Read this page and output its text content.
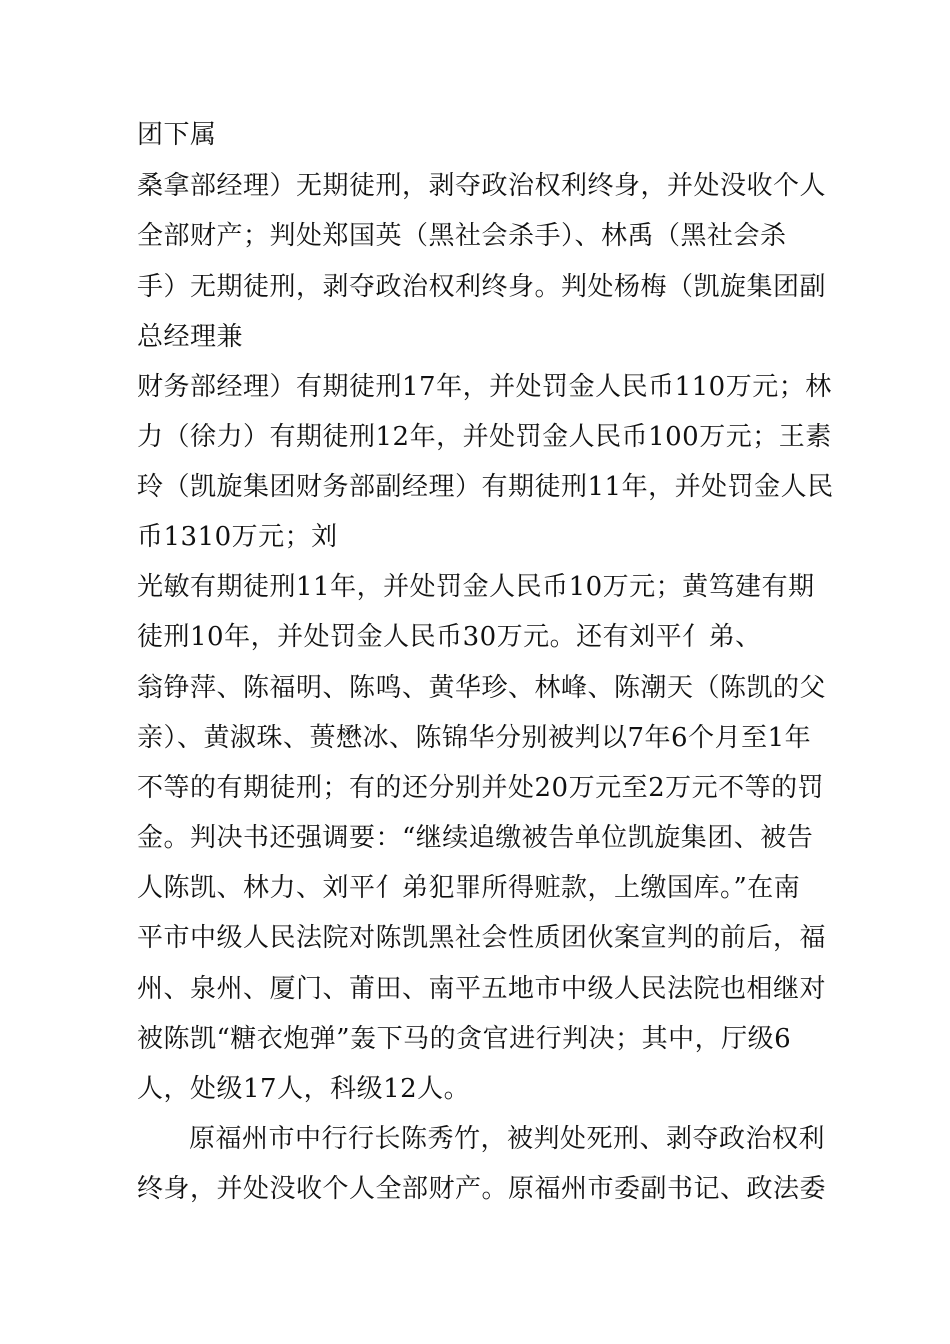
团下属
桑拿部经理）无期徒刑，剥夺政治权利终身，并处没收个人
全部财产；判处郑国英（黑社会杀手）、林禹（黑社会杀
手）无期徒刑，剥夺政治权利终身。判处杨梅（凯旋集团副
总经理兼
财务部经理）有期徒刑17年，并处罚金人民币110万元；林
力（徐力）有期徒刑12年，并处罚金人民币100万元；王素
玲（凯旋集团财务部副经理）有期徒刑11年，并处罚金人民
币1310万元；刘
光敏有期徒刑11年，并处罚金人民币10万元；黄笃建有期
徒刑10年，并处罚金人民币30万元。还有刘平亻弟、
翁铮萍、陈福明、陈鸣、黄华珍、林峰、陈潮天（陈凯的父
亲）、黄淑珠、蒉懋冰、陈锦华分别被判以7年6个月至1年
不等的有期徒刑；有的还分别并处20万元至2万元不等的罚
金。判决书还强调要：“继续追缴被告单位凯旋集团、被告
人陈凯、林力、刘平亻弟犯罪所得赃款，上缴国库。”在南
平市中级人民法院对陈凯黑社会性质团伙案宣判的前后，福
州、泉州、厦门、莆田、南平五地市中级人民法院也相继对
被陈凯“糖衣炮弹”轰下马的贪官进行判决；其中，厅级6
人，处级17人，科级12人。
原福州市中行行长陈秀竹，被判处死刑、剥夺政治权利
终身，并处没收个人全部财产。原福州市委副书记、政法委
